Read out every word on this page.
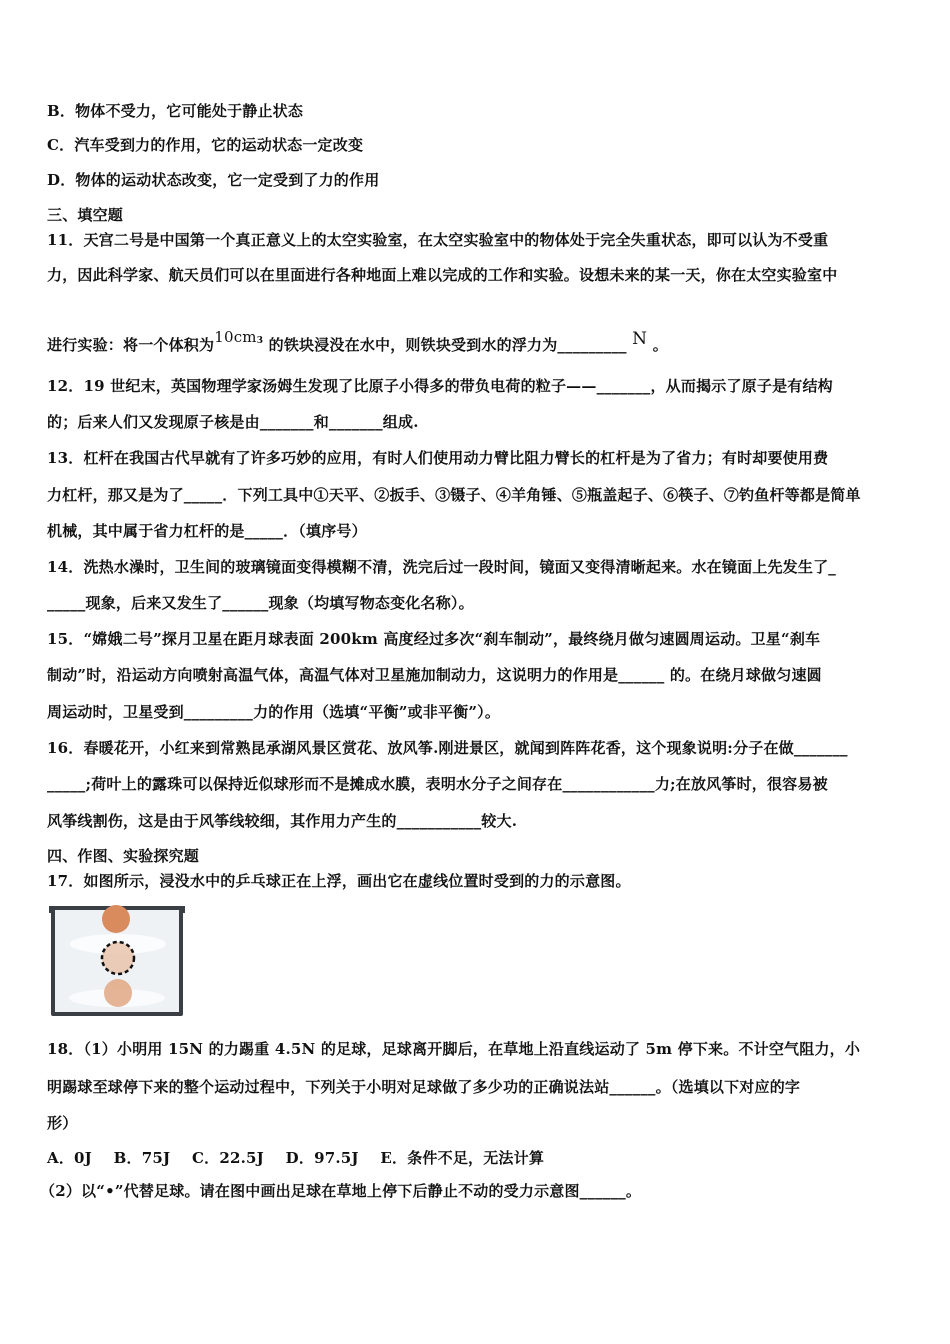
B．物体不受力，它可能处于静止状态
C．汽车受到力的作用，它的运动状态一定改变
D．物体的运动状态改变，它一定受到了力的作用
三、填空题
11．天宫二号是中国第一个真正意义上的太空实验室，在太空实验室中的物体处于完全失重状态，即可以认为不受重
力，因此科学家、航天员们可以在里面进行各种地面上难以完成的工作和实验。设想未来的某一天，你在太空实验室中
进行实验：将一个体积为$10cm^3$ 的铁块浸没在水中，则铁块受到水的浮力为_________ N 。
12．19 世纪末，英国物理学家汤姆生发现了比原子小得多的带负电荷的粒子——_______，从而揭示了原子是有结构
的；后来人们又发现原子核是由_______和_______组成.
13．杠杆在我国古代早就有了许多巧妙的应用，有时人们使用动力臂比阻力臂长的杠杆是为了省力；有时却要使用费
力杠杆，那又是为了_____．下列工具中①天平、②扳手、③镊子、④羊角锤、⑤瓶盖起子、⑥筷子、⑦钓鱼杆等都是简单
机械，其中属于省力杠杆的是_____．（填序号）
14．洗热水澡时，卫生间的玻璃镜面变得模糊不清，洗完后过一段时间，镜面又变得清晰起来。水在镜面上先发生了_
_____现象，后来又发生了______现象（均填写物态变化名称）。
15．“嫦娥二号”探月卫星在距月球表面 200km 高度经过多次“刹车制动”，最终绕月做匀速圆周运动。卫星“刹车
制动”时，沿运动方向喷射高温气体，高温气体对卫星施加制动力，这说明力的作用是______ 的。在绕月球做匀速圆
周运动时，卫星受到_________力的作用（选填“平衡”或非平衡”）。
16．春暖花开，小红来到常熟昆承湖风景区赏花、放风筝.刚进景区，就闻到阵阵花香，这个现象说明:分子在做_______
_____;荷叶上的露珠可以保持近似球形而不是摊成水膜，表明水分子之间存在____________力;在放风筝时，很容易被
风筝线割伤，这是由于风筝线较细，其作用力产生的___________较大.
四、作图、实验探究题
17．如图所示，浸没水中的乒乓球正在上浮，画出它在虚线位置时受到的力的示意图。
18．（1）小明用 15N 的力踢重 4.5N 的足球，足球离开脚后，在草地上沿直线运动了 5m 停下来。不计空气阻力，小
明踢球至球停下来的整个运动过程中，下列关于小明对足球做了多少功的正确说法站______。（选填以下对应的字
形）
A．0J    B．75J    C．22.5J    D．97.5J    E．条件不足，无法计算
（2）以“•”代替足球。请在图中画出足球在草地上停下后静止不动的受力示意图______。
